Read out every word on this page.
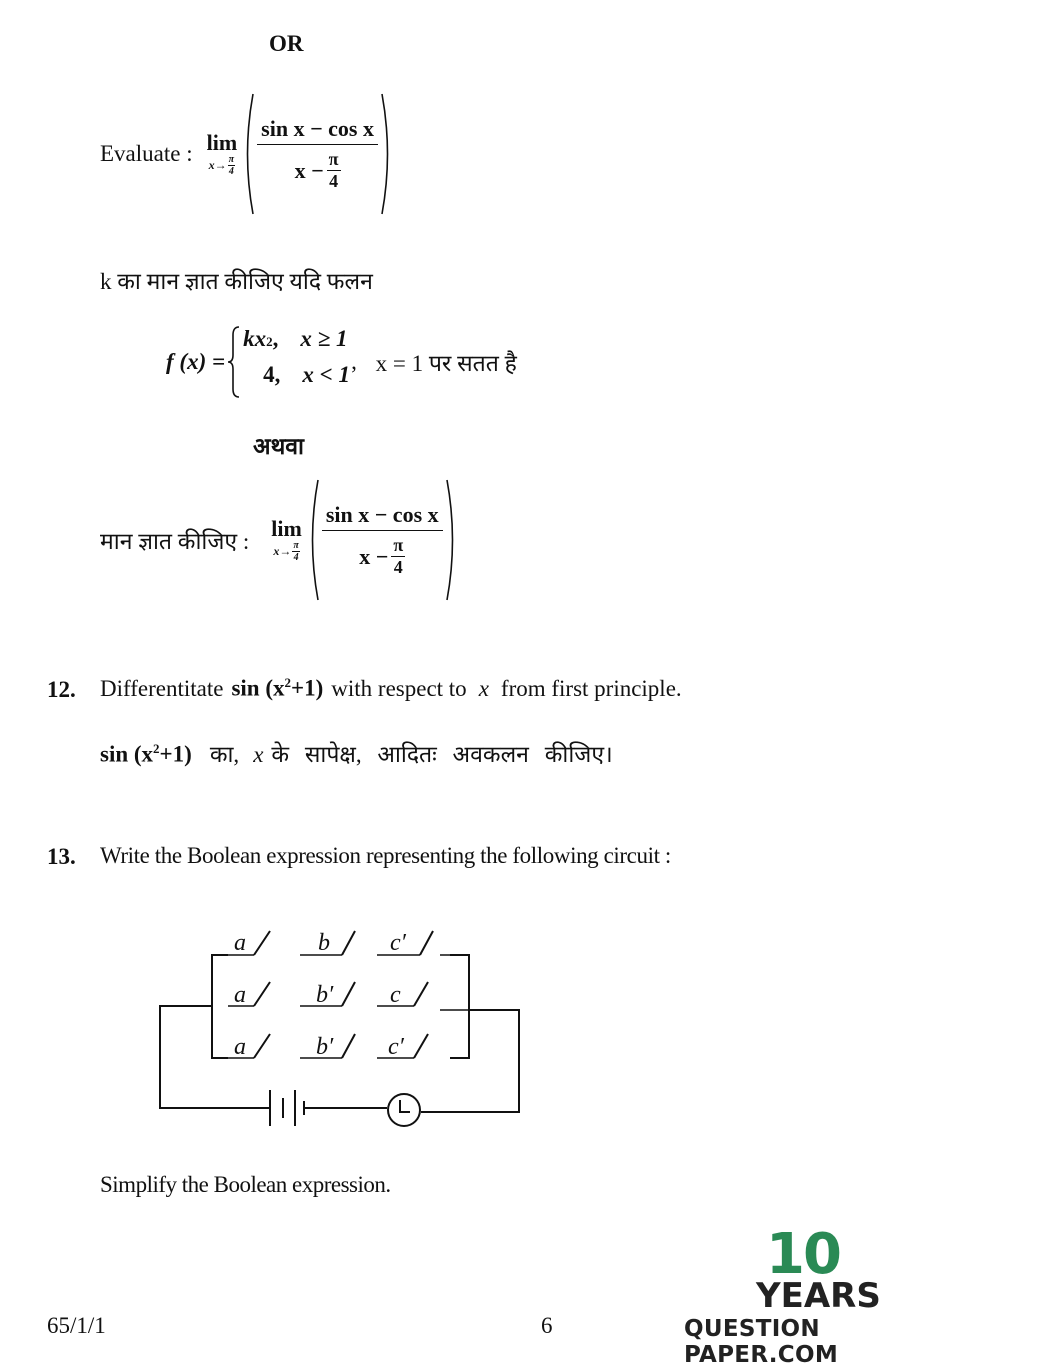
OR
Evaluate : lim
x → π
$4 \frac{\text{sin x − cos x}}{x - \frac{\pi}{4}}$
k का मान ज्ञात कीजिए यदि फलन
f (x) =
kx 2 , x ≥ 1
4, x < 1 ’ x = 1 पर सतत है
अथवा
मान ज्ञात कीजिए :
lim
x → π
$4 \frac{\text{sin x − cos x}}{x - \frac{\pi}{4}}$
12. Differentitate $\sin (x^2+1)$ with respect to x from first principle.
$\sin (x^2+1)$ का, x के सापेक्ष, आदितः अवकलन कीजिए।
13. Write the Boolean expression representing the following circuit :
a	b	c′
a	b′ c
a	b′ c′
Simplify the Boolean expression.
65/1/1	6
10
YEARS
QUESTION PAPER.COM
